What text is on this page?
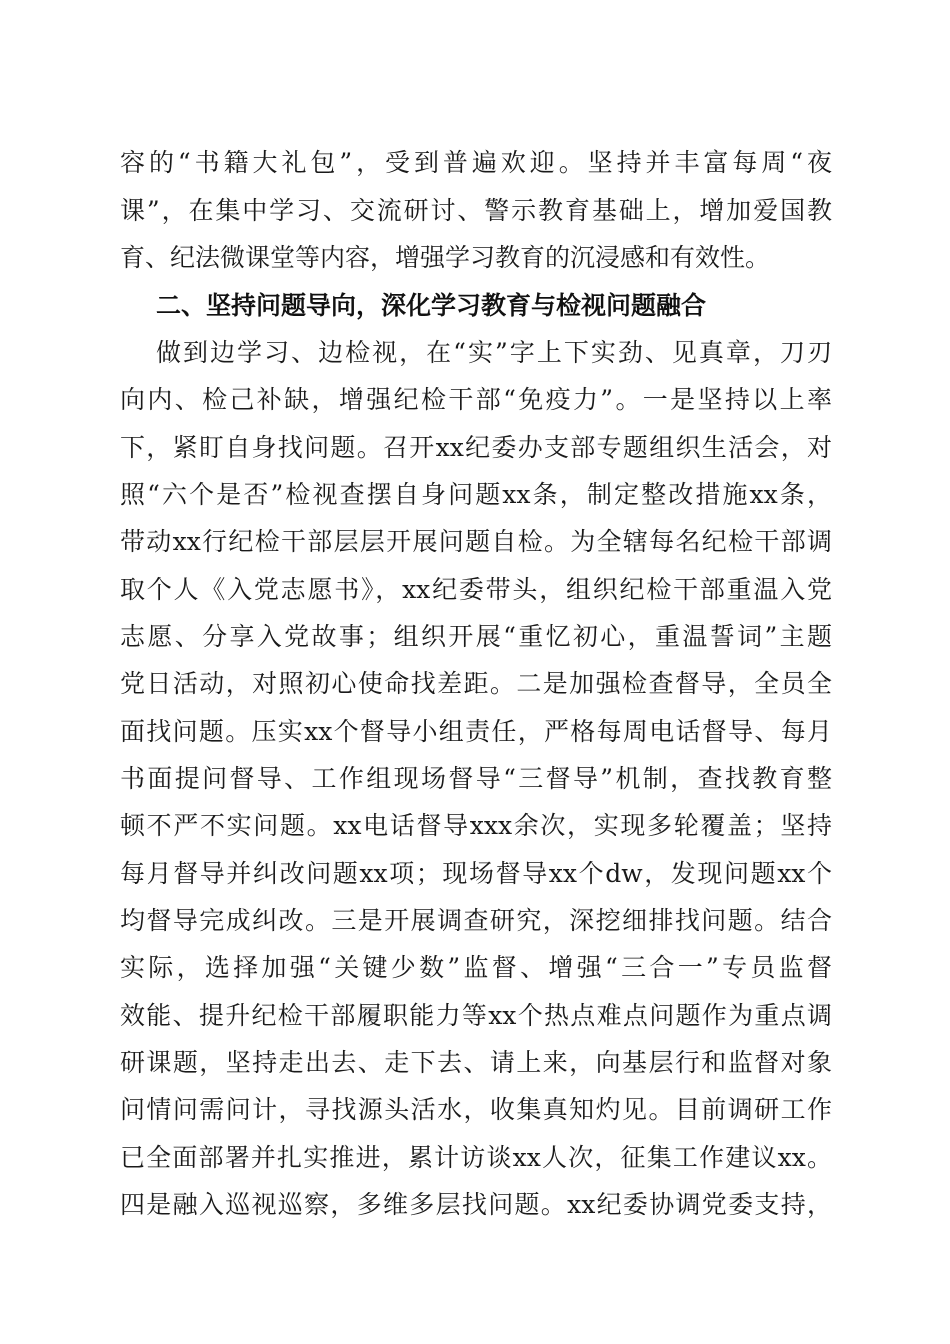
容的“书籍大礼包”，受到普遍欢迎。坚持并丰富每周“夜
课”，在集中学习、交流研讨、警示教育基础上，增加爱国教
育、纪法微课堂等内容，增强学习教育的沉浸感和有效性。
二、坚持问题导向，深化学习教育与检视问题融合
做到边学习、边检视，在“实”字上下实劲、见真章，刀刃
向内、检己补缺，增强纪检干部“免疫力”。一是坚持以上率
下，紧盯自身找问题。召开xx纪委办支部专题组织生活会，对
照“六个是否”检视查摆自身问题xx条，制定整改措施xx条，
带动xx行纪检干部层层开展问题自检。为全辖每名纪检干部调
取个人《入党志愿书》，xx纪委带头，组织纪检干部重温入党
志愿、分享入党故事；组织开展“重忆初心，重温誓词”主题
党日活动，对照初心使命找差距。二是加强检查督导，全员全
面找问题。压实xx个督导小组责任，严格每周电话督导、每月
书面提问督导、工作组现场督导“三督导”机制，查找教育整
顿不严不实问题。xx电话督导xxx余次，实现多轮覆盖；坚持
每月督导并纠改问题xx项；现场督导xx个dw，发现问题xx个
均督导完成纠改。三是开展调查研究，深挖细排找问题。结合
实际，选择加强“关键少数”监督、增强“三合一”专员监督
效能、提升纪检干部履职能力等xx个热点难点问题作为重点调
研课题，坚持走出去、走下去、请上来，向基层行和监督对象
问情问需问计，寻找源头活水，收集真知灼见。目前调研工作
已全面部署并扎实推进，累计访谈xx人次，征集工作建议xx。
四是融入巡视巡察，多维多层找问题。xx纪委协调党委支持，
